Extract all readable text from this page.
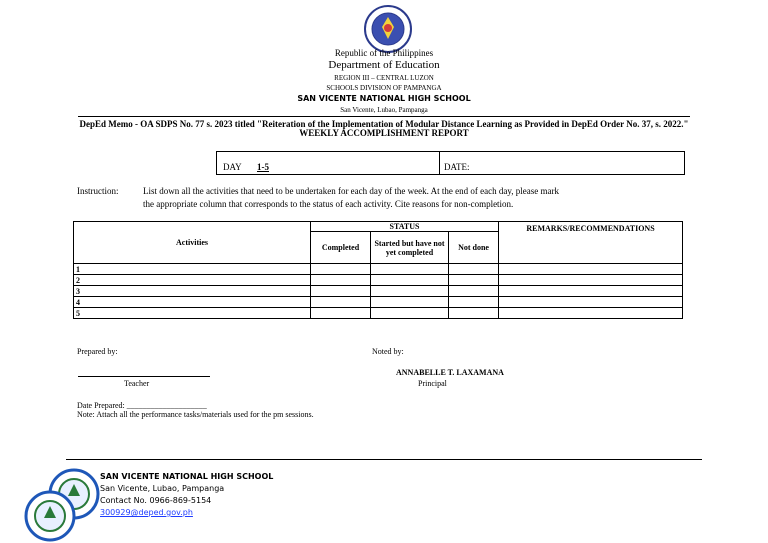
Republic of the Philippines
Department of Education
REGION III – CENTRAL LUZON
SCHOOLS DIVISION OF PAMPANGA
SAN VICENTE NATIONAL HIGH SCHOOL
San Vicente, Lubao, Pampanga
DepEd Memo - OA SDPS No. 77 s. 2023 titled "Reiteration of the Implementation of Modular Distance Learning as Provided in DepEd Order No. 37, s. 2022."
WEEKLY ACCOMPLISHMENT REPORT
DAY 1-5	DATE:
Instruction:	List down all the activities that need to be undertaken for each day of the week. At the end of each day, please mark
the appropriate column that corresponds to the status of each activity. Cite reasons for non-completion.
Activities	STATUS			REMARKS/RECOMMENDATIONS
	Completed	Started but have not yet completed	Not done	
1				
2				
3				
4				
5				
Prepared by:	Noted by:
Teacher
ANNABELLE T. LAXAMANA
Principal
Date Prepared: ____________________
Note: Attach all the performance tasks/materials used for the pm sessions.
SAN VICENTE NATIONAL HIGH SCHOOL
San Vicente, Lubao, Pampanga
Contact No. 0966-869-5154
300929@deped.gov.ph
